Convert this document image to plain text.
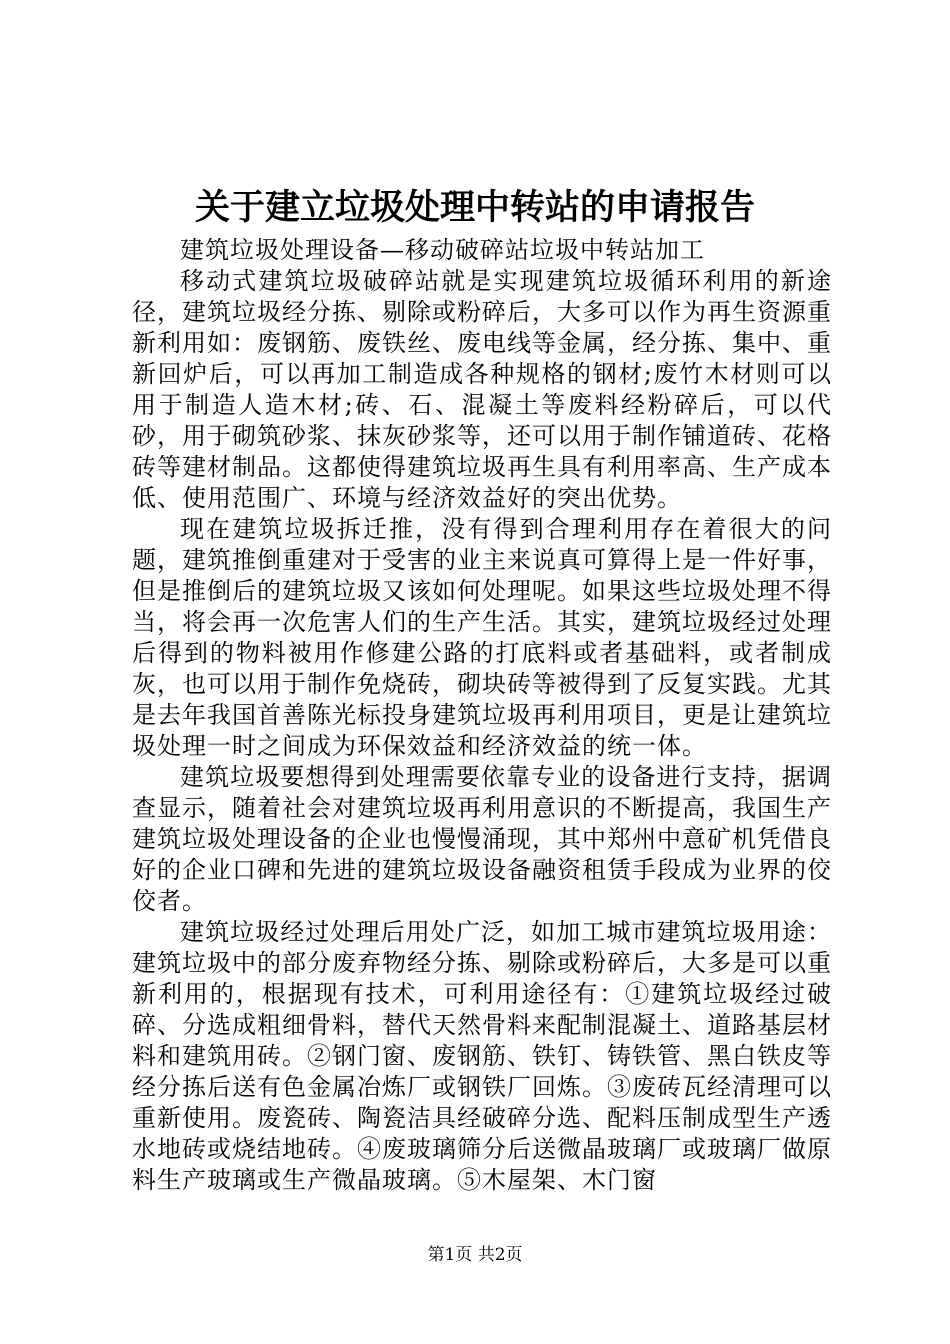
关于建立垃圾处理中转站的申请报告

建筑垃圾处理设备—移动破碎站垃圾中转站加工

移动式建筑垃圾破碎站就是实现建筑垃圾循环利用的新途径，建筑垃圾经分拣、剔除或粉碎后，大多可以作为再生资源重新利用如：废钢筋、废铁丝、废电线等金属，经分拣、集中、重新回炉后，可以再加工制造成各种规格的钢材;废竹木材则可以用于制造人造木材;砖、石、混凝土等废料经粉碎后，可以代砂，用于砌筑砂浆、抹灰砂浆等，还可以用于制作铺道砖、花格砖等建材制品。这都使得建筑垃圾再生具有利用率高、生产成本低、使用范围广、环境与经济效益好的突出优势。

现在建筑垃圾拆迁推，没有得到合理利用存在着很大的问题，建筑推倒重建对于受害的业主来说真可算得上是一件好事，但是推倒后的建筑垃圾又该如何处理呢。如果这些垃圾处理不得当，将会再一次危害人们的生产生活。其实，建筑垃圾经过处理后得到的物料被用作修建公路的打底料或者基础料，或者制成灰，也可以用于制作免烧砖，砌块砖等被得到了反复实践。尤其是去年我国首善陈光标投身建筑垃圾再利用项目，更是让建筑垃圾处理一时之间成为环保效益和经济效益的统一体。

建筑垃圾要想得到处理需要依靠专业的设备进行支持，据调查显示，随着社会对建筑垃圾再利用意识的不断提高，我国生产建筑垃圾处理设备的企业也慢慢涌现，其中郑州中意矿机凭借良好的企业口碑和先进的建筑垃圾设备融资租赁手段成为业界的佼佼者。

建筑垃圾经过处理后用处广泛，如加工城市建筑垃圾用途：建筑垃圾中的部分废弃物经分拣、剔除或粉碎后，大多是可以重新利用的，根据现有技术，可利用途径有：①建筑垃圾经过破碎、分选成粗细骨料，替代天然骨料来配制混凝土、道路基层材料和建筑用砖。②钢门窗、废钢筋、铁钉、铸铁管、黑白铁皮等经分拣后送有色金属冶炼厂或钢铁厂回炼。③废砖瓦经清理可以重新使用。废瓷砖、陶瓷洁具经破碎分选、配料压制成型生产透水地砖或烧结地砖。④废玻璃筛分后送微晶玻璃厂或玻璃厂做原料生产玻璃或生产微晶玻璃。⑤木屋架、木门窗

第1页 共2页
